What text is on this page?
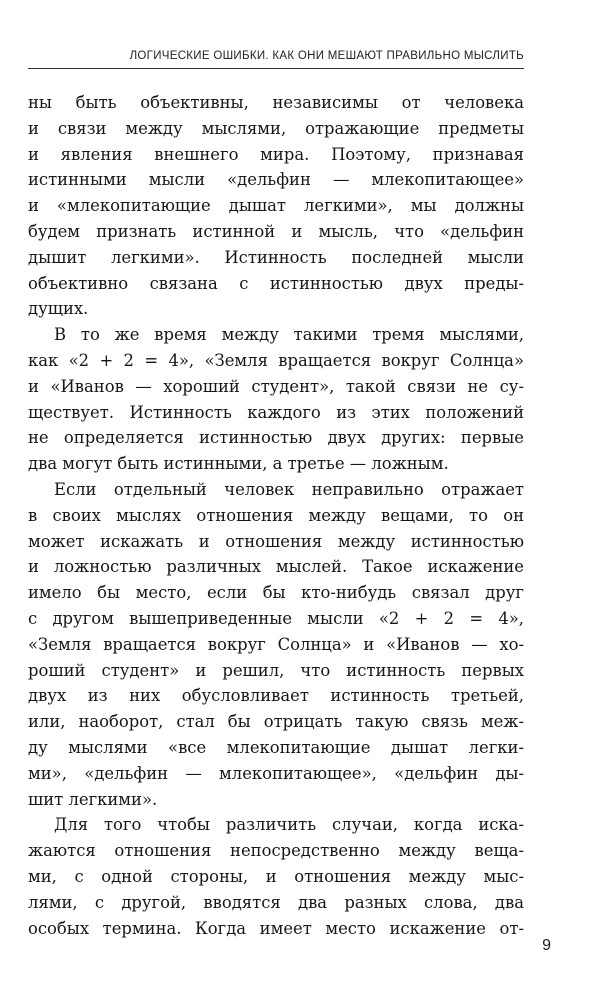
ЛОГИЧЕСКИЕ ОШИБКИ. КАК ОНИ МЕШАЮТ ПРАВИЛЬНО МЫСЛИТЬ
ны быть объективны, независимы от человека
и связи между мыслями, отражающие предметы
и явления внешнего мира. Поэтому, признавая
истинными мысли «дельфин — млекопитающее»
и «млекопитающие дышат легкими», мы должны
будем признать истинной и мысль, что «дельфин
дышит легкими». Истинность последней мысли
объективно связана с истинностью двух преды-
дущих.
В то же время между такими тремя мыслями,
как «2 + 2 = 4», «Земля вращается вокруг Солнца»
и «Иванов — хороший студент», такой связи не су-
ществует. Истинность каждого из этих положений
не определяется истинностью двух других: первые
два могут быть истинными, а третье — ложным.
Если отдельный человек неправильно отражает
в своих мыслях отношения между вещами, то он
может искажать и отношения между истинностью
и ложностью различных мыслей. Такое искажение
имело бы место, если бы кто-нибудь связал друг
с другом вышеприведенные мысли «2 + 2 = 4»,
«Земля вращается вокруг Солнца» и «Иванов — хо-
роший студент» и решил, что истинность первых
двух из них обусловливает истинность третьей,
или, наоборот, стал бы отрицать такую связь меж-
ду мыслями «все млекопитающие дышат легки-
ми», «дельфин — млекопитающее», «дельфин ды-
шит легкими».
Для того чтобы различить случаи, когда иска-
жаются отношения непосредственно между веща-
ми, с одной стороны, и отношения между мыс-
лями, с другой, вводятся два разных слова, два
особых термина. Когда имеет место искажение от-
9
